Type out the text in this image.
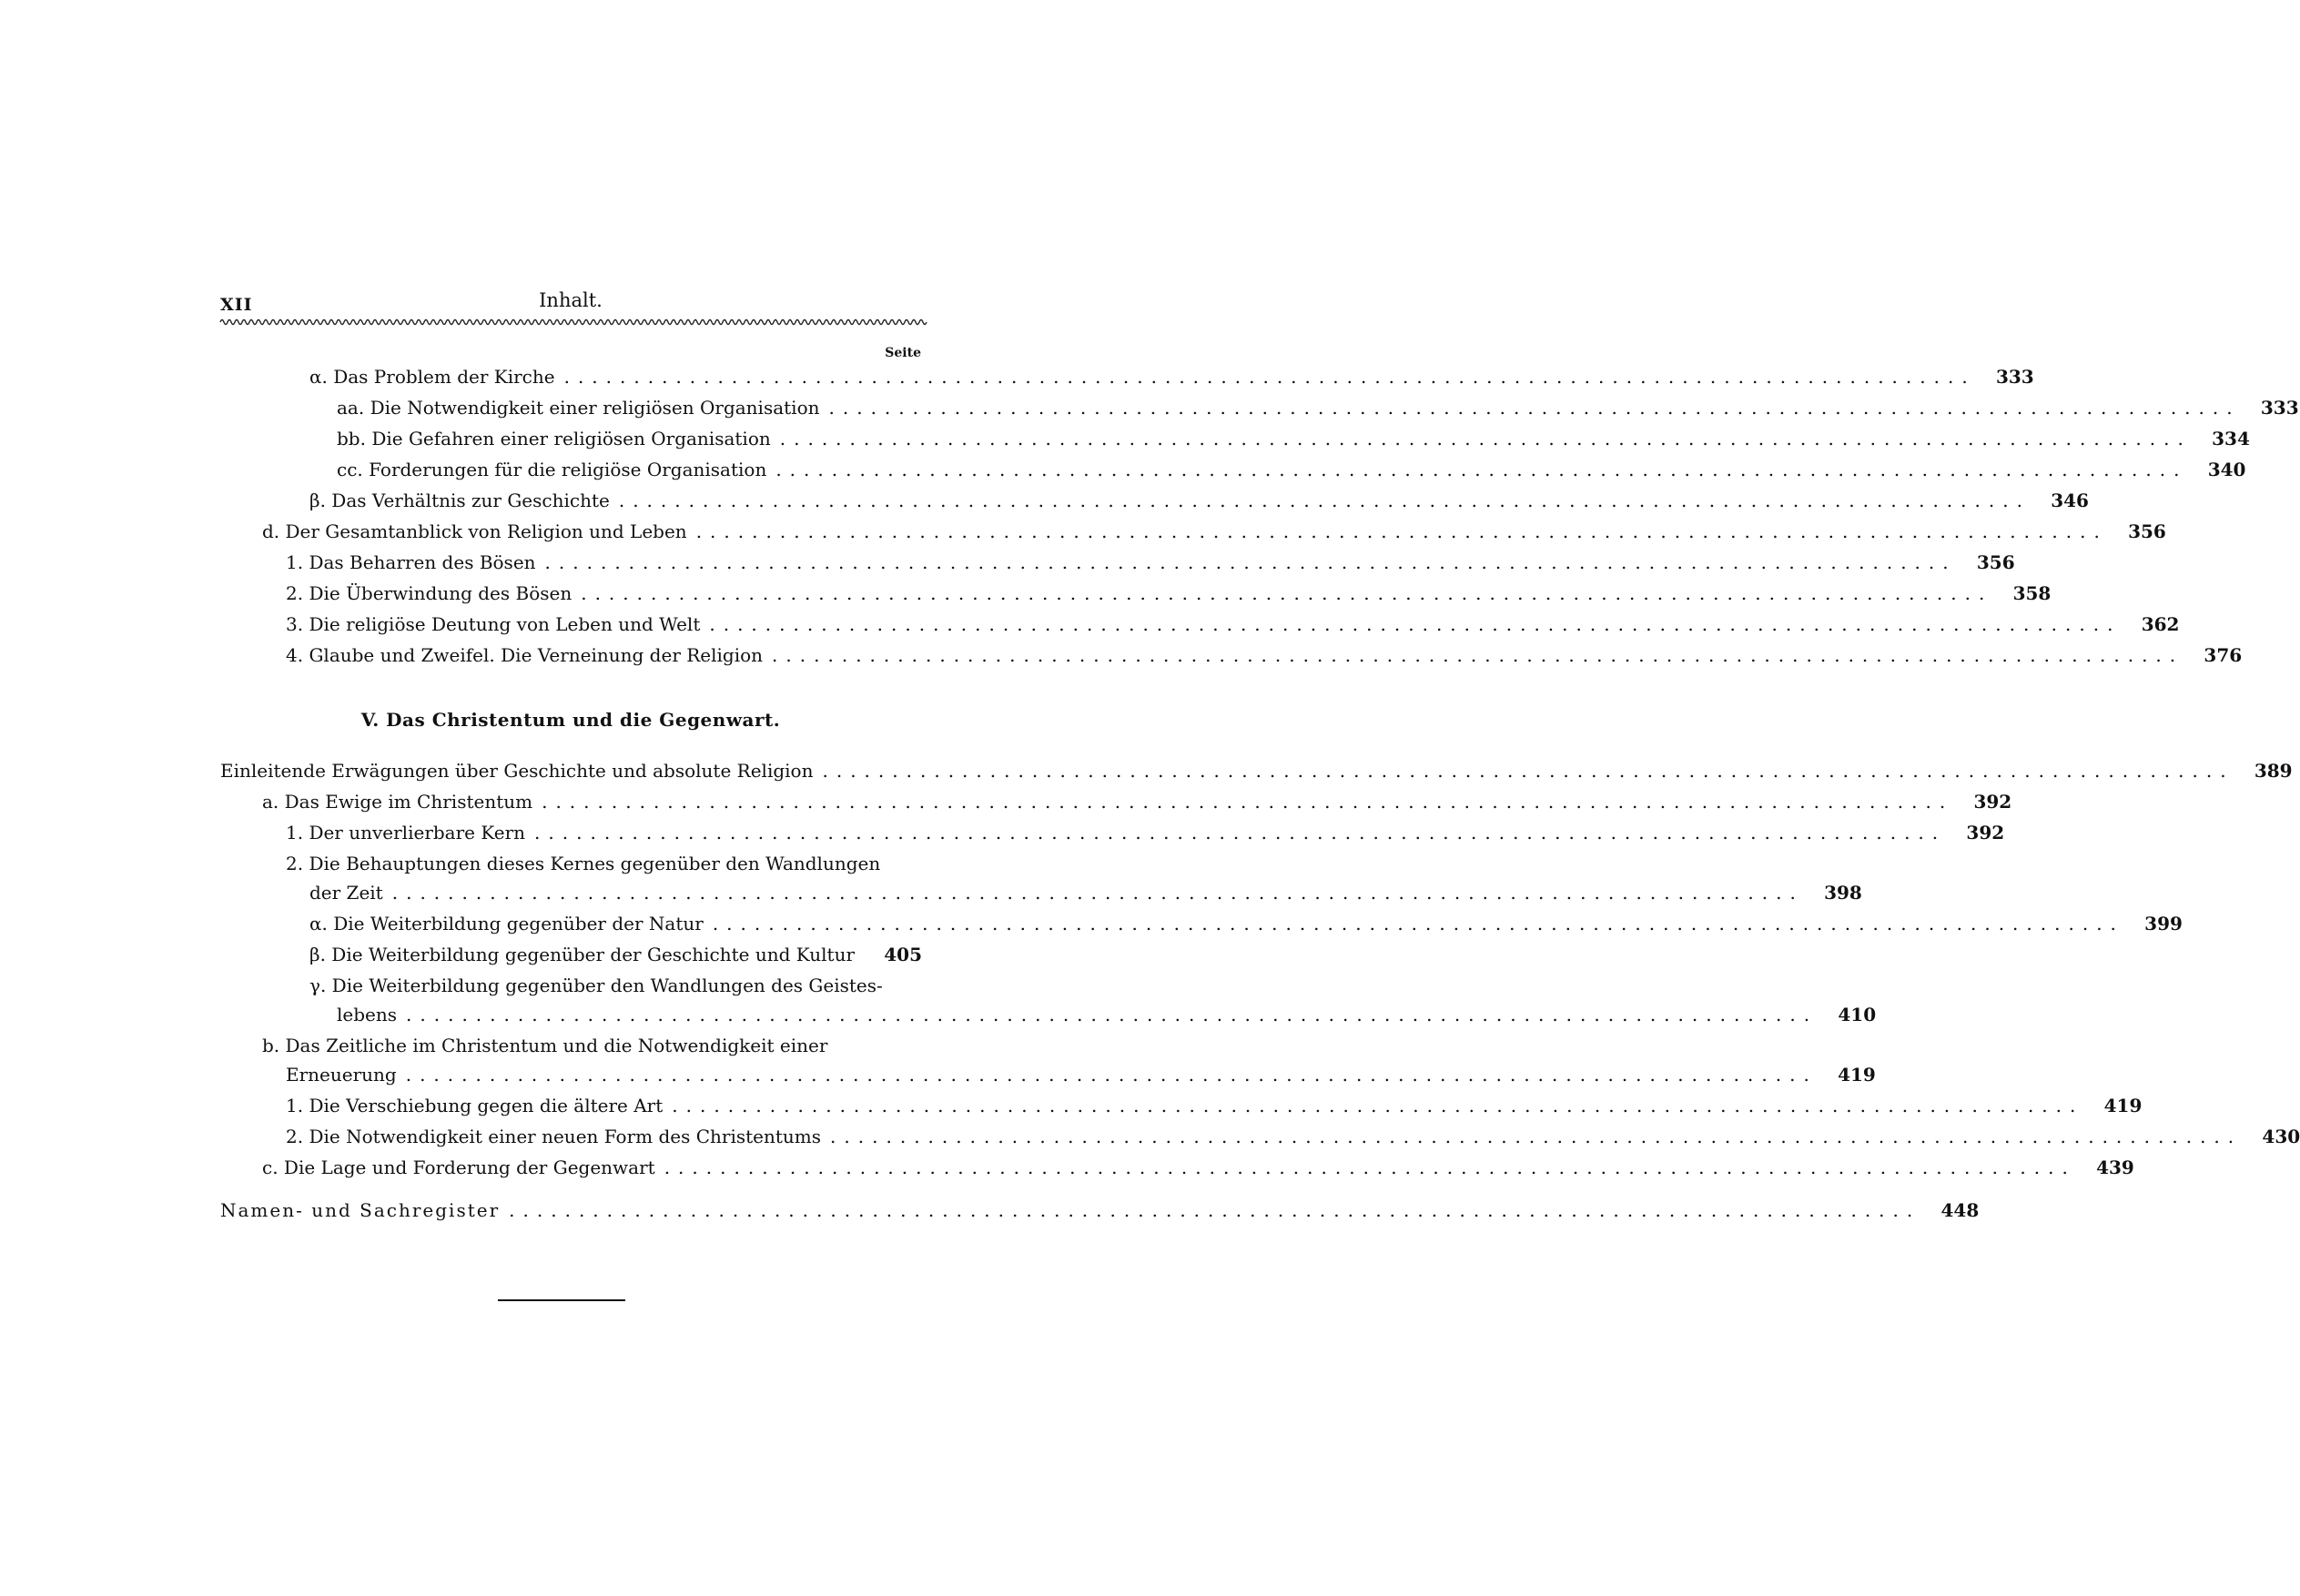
XII	Inhalt.
Seite
α. Das Problem der Kirche .....................................................................................................	333
aa. Die Notwendigkeit einer religiösen Organisation .....................................................................................................	333
bb. Die Gefahren einer religiösen Organisation .....................................................................................................	334
cc. Forderungen für die religiöse Organisation .....................................................................................................	340
β. Das Verhältnis zur Geschichte .....................................................................................................	346
d. Der Gesamtanblick von Religion und Leben .....................................................................................................	356
1. Das Beharren des Bösen .....................................................................................................	356
2. Die Überwindung des Bösen .....................................................................................................	358
3. Die religiöse Deutung von Leben und Welt .....................................................................................................	362
4. Glaube und Zweifel. Die Verneinung der Religion .....................................................................................................	376
V. Das Christentum und die Gegenwart.
Einleitende Erwägungen über Geschichte und absolute Religion .....................................................................................................	389
a. Das Ewige im Christentum .....................................................................................................	392
1. Der unverlierbare Kern .....................................................................................................	392
2. Die Behauptungen dieses Kernes gegenüber den Wandlungen
der Zeit .....................................................................................................	398
α. Die Weiterbildung gegenüber der Natur .....................................................................................................	399
β. Die Weiterbildung gegenüber der Geschichte und Kultur	405
γ. Die Weiterbildung gegenüber den Wandlungen des Geistes-
lebens .....................................................................................................	410
b. Das Zeitliche im Christentum und die Notwendigkeit einer
Erneuerung .....................................................................................................	419
1. Die Verschiebung gegen die ältere Art .....................................................................................................	419
2. Die Notwendigkeit einer neuen Form des Christentums .....................................................................................................	430
c. Die Lage und Forderung der Gegenwart .....................................................................................................	439
Namen- und Sachregister .....................................................................................................	448
